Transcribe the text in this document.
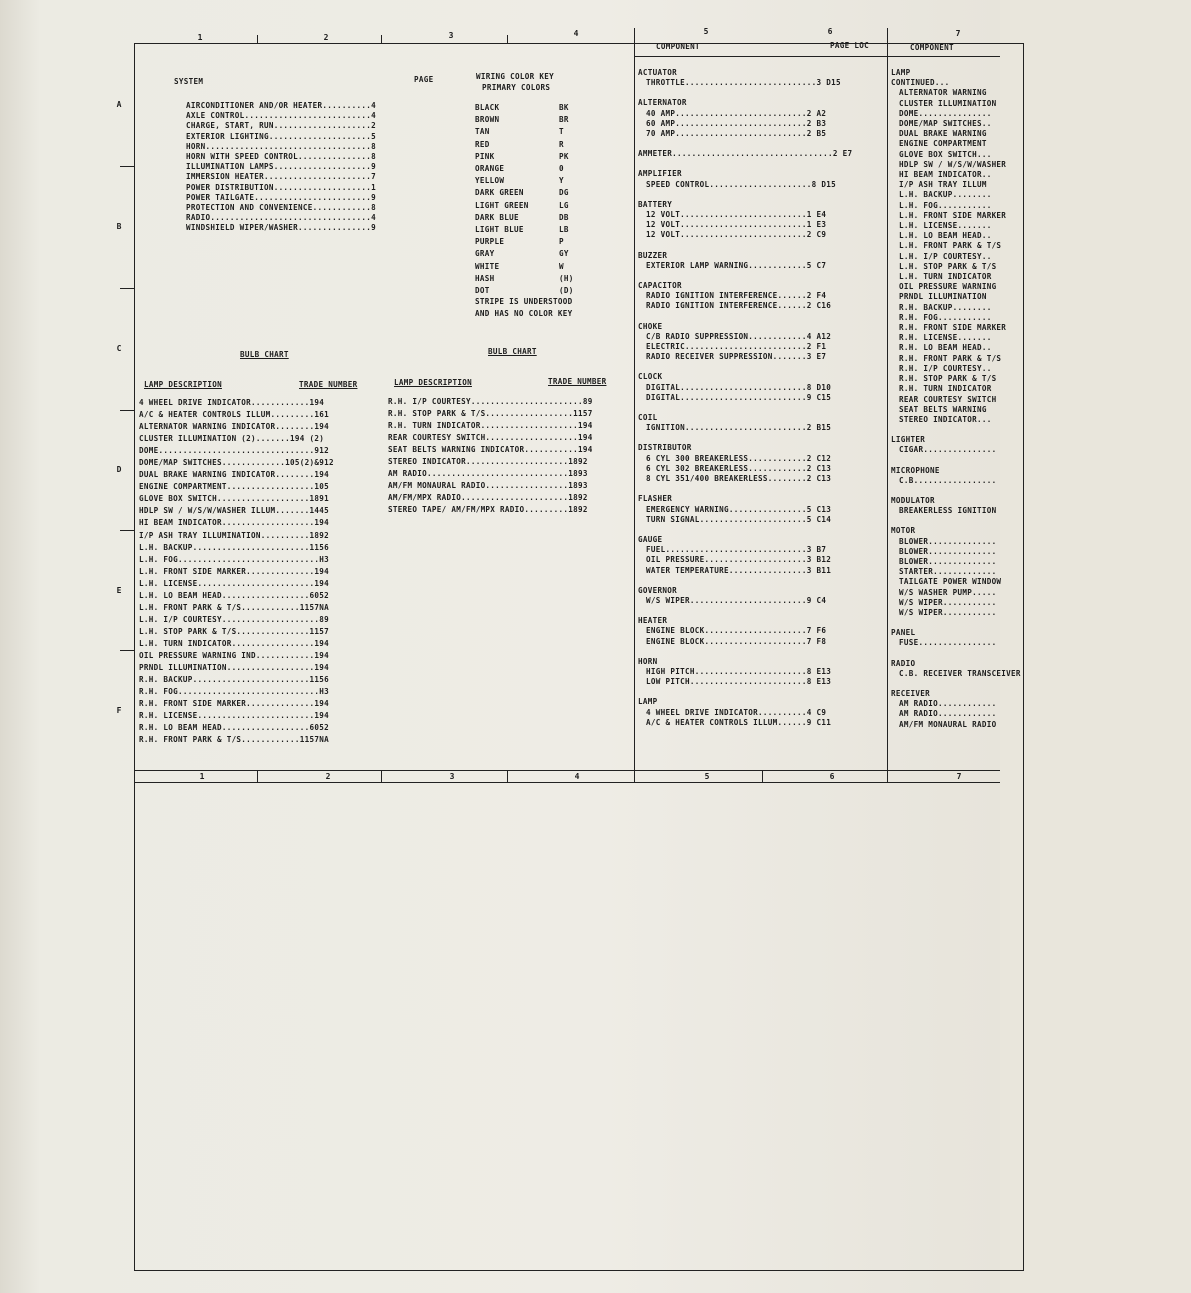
1	2	3	4	5	6	7
1	2	3	4	5	6	7
A
B
C
D
E
F
SYSTEM	PAGE
AIRCONDITIONER AND/OR HEATER..........4
AXLE CONTROL..........................4
CHARGE, START, RUN....................2
EXTERIOR LIGHTING.....................5
HORN..................................8
HORN WITH SPEED CONTROL...............8
ILLUMINATION LAMPS....................9
IMMERSION HEATER......................7
POWER DISTRIBUTION....................1
POWER TAILGATE........................9
PROTECTION AND CONVENIENCE............8
RADIO.................................4
WINDSHIELD WIPER/WASHER...............9
WIRING COLOR KEY
PRIMARY COLORS
BLACK	BK
BROWN	BR
TAN	T
RED	R
PINK	PK
ORANGE	0
YELLOW	Y
DARK GREEN	DG
LIGHT GREEN	LG
DARK BLUE	DB
LIGHT BLUE	LB
PURPLE	P
GRAY	GY
WHITE	W
HASH	(H)
DOT	(D)
STRIPE IS UNDERSTOOD
AND HAS NO COLOR KEY
BULB CHART
LAMP DESCRIPTION	TRADE NUMBER
4 WHEEL DRIVE INDICATOR............194
A/C & HEATER CONTROLS ILLUM.........161
ALTERNATOR WARNING INDICATOR........194
CLUSTER ILLUMINATION (2).......194 (2)
DOME................................912
DOME/MAP SWITCHES.............105(2)&912
DUAL BRAKE WARNING INDICATOR........194
ENGINE COMPARTMENT..................105
GLOVE BOX SWITCH...................1891
HDLP SW / W/S/W/WASHER ILLUM.......1445
HI BEAM INDICATOR...................194
I/P ASH TRAY ILLUMINATION..........1892
L.H. BACKUP........................1156
L.H. FOG.............................H3
L.H. FRONT SIDE MARKER..............194
L.H. LICENSE........................194
L.H. LO BEAM HEAD..................6052
L.H. FRONT PARK & T/S............1157NA
L.H. I/P COURTESY....................89
L.H. STOP PARK & T/S...............1157
L.H. TURN INDICATOR.................194
OIL PRESSURE WARNING IND............194
PRNDL ILLUMINATION..................194
R.H. BACKUP........................1156
R.H. FOG.............................H3
R.H. FRONT SIDE MARKER..............194
R.H. LICENSE........................194
R.H. LO BEAM HEAD..................6052
R.H. FRONT PARK & T/S............1157NA
BULB CHART
LAMP DESCRIPTION	TRADE NUMBER
R.H. I/P COURTESY.......................89
R.H. STOP PARK & T/S..................1157
R.H. TURN INDICATOR....................194
REAR COURTESY SWITCH...................194
SEAT BELTS WARNING INDICATOR...........194
STEREO INDICATOR.....................1892
AM RADIO.............................1893
AM/FM MONAURAL RADIO.................1893
AM/FM/MPX RADIO......................1892
STEREO TAPE/ AM/FM/MPX RADIO.........1892
COMPONENT	PAGE LOC
ACTUATOR
THROTTLE...........................3 D15
ALTERNATOR
40 AMP...........................2 A2
60 AMP...........................2 B3
70 AMP...........................2 B5
AMMETER.................................2 E7
AMPLIFIER
SPEED CONTROL.....................8 D15
BATTERY
12 VOLT..........................1 E4
12 VOLT..........................1 E3
12 VOLT..........................2 C9
BUZZER
EXTERIOR LAMP WARNING............5 C7
CAPACITOR
RADIO IGNITION INTERFERENCE......2 F4
RADIO IGNITION INTERFERENCE......2 C16
CHOKE
C/B RADIO SUPPRESSION............4 A12
ELECTRIC.........................2 F1
RADIO RECEIVER SUPPRESSION.......3 E7
CLOCK
DIGITAL..........................8 D10
DIGITAL..........................9 C15
COIL
IGNITION.........................2 B15
DISTRIBUTOR
6 CYL 300 BREAKERLESS............2 C12
6 CYL 302 BREAKERLESS............2 C13
8 CYL 351/400 BREAKERLESS........2 C13
FLASHER
EMERGENCY WARNING................5 C13
TURN SIGNAL......................5 C14
GAUGE
FUEL.............................3 B7
OIL PRESSURE.....................3 B12
WATER TEMPERATURE................3 B11
GOVERNOR
W/S WIPER........................9 C4
HEATER
ENGINE BLOCK.....................7 F6
ENGINE BLOCK.....................7 F8
HORN
HIGH PITCH.......................8 E13
LOW PITCH........................8 E13
LAMP
4 WHEEL DRIVE INDICATOR..........4 C9
A/C & HEATER CONTROLS ILLUM......9 C11
COMPONENT
LAMP
CONTINUED...
ALTERNATOR WARNING
CLUSTER ILLUMINATION
DOME...............
DOME/MAP SWITCHES..
DUAL BRAKE WARNING
ENGINE COMPARTMENT
GLOVE BOX SWITCH...
HDLP SW / W/S/W/WASHER
HI BEAM INDICATOR..
I/P ASH TRAY ILLUM
L.H. BACKUP........
L.H. FOG...........
L.H. FRONT SIDE MARKER
L.H. LICENSE.......
L.H. LO BEAM HEAD..
L.H. FRONT PARK & T/S
L.H. I/P COURTESY..
L.H. STOP PARK & T/S
L.H. TURN INDICATOR
OIL PRESSURE WARNING
PRNDL ILLUMINATION
R.H. BACKUP........
R.H. FOG...........
R.H. FRONT SIDE MARKER
R.H. LICENSE.......
R.H. LO BEAM HEAD..
R.H. FRONT PARK & T/S
R.H. I/P COURTESY..
R.H. STOP PARK & T/S
R.H. TURN INDICATOR
REAR COURTESY SWITCH
SEAT BELTS WARNING
STEREO INDICATOR...
LIGHTER
CIGAR...............
MICROPHONE
C.B.................
MODULATOR
BREAKERLESS IGNITION
MOTOR
BLOWER..............
BLOWER..............
BLOWER..............
STARTER.............
TAILGATE POWER WINDOW
W/S WASHER PUMP.....
W/S WIPER...........
W/S WIPER...........
PANEL
FUSE................
RADIO
C.B. RECEIVER TRANSCEIVER
RECEIVER
AM RADIO............
AM RADIO............
AM/FM MONAURAL RADIO
